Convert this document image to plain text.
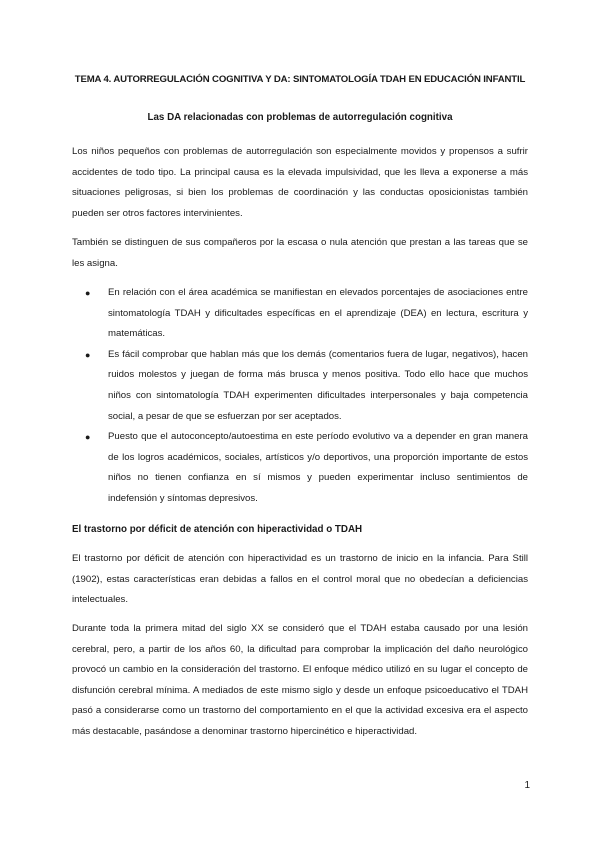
TEMA 4. AUTORREGULACIÓN COGNITIVA Y DA: SINTOMATOLOGÍA TDAH EN EDUCACIÓN INFANTIL

Las DA relacionadas con problemas de autorregulación cognitiva

Los niños pequeños con problemas de autorregulación son especialmente movidos y propensos a sufrir accidentes de todo tipo. La principal causa es la elevada impulsividad, que les lleva a exponerse a más situaciones peligrosas, si bien los problemas de coordinación y las conductas oposicionistas también pueden ser otros factores intervinientes.

También se distinguen de sus compañeros por la escasa o nula atención que prestan a las tareas que se les asigna.

● En relación con el área académica se manifiestan en elevados porcentajes de asociaciones entre sintomatología TDAH y dificultades específicas en el aprendizaje (DEA) en lectura, escritura y matemáticas.
● Es fácil comprobar que hablan más que los demás (comentarios fuera de lugar, negativos), hacen ruidos molestos y juegan de forma más brusca y menos positiva. Todo ello hace que muchos niños con sintomatología TDAH experimenten dificultades interpersonales y baja competencia social, a pesar de que se esfuerzan por ser aceptados.
● Puesto que el autoconcepto/autoestima en este período evolutivo va a depender en gran manera de los logros académicos, sociales, artísticos y/o deportivos, una proporción importante de estos niños no tienen confianza en sí mismos y pueden experimentar incluso sentimientos de indefensión y síntomas depresivos.

El trastorno por déficit de atención con hiperactividad o TDAH

El trastorno por déficit de atención con hiperactividad es un trastorno de inicio en la infancia. Para Still (1902), estas características eran debidas a fallos en el control moral que no obedecían a deficiencias intelectuales.

Durante toda la primera mitad del siglo XX se consideró que el TDAH estaba causado por una lesión cerebral, pero, a partir de los años 60, la dificultad para comprobar la implicación del daño neurológico provocó un cambio en la consideración del trastorno. El enfoque médico utilizó en su lugar el concepto de disfunción cerebral mínima. A mediados de este mismo siglo y desde un enfoque psicoeducativo el TDAH pasó a considerarse como un trastorno del comportamiento en el que la actividad excesiva era el aspecto más destacable, pasándose a denominar trastorno hipercinético e hiperactividad.

1
